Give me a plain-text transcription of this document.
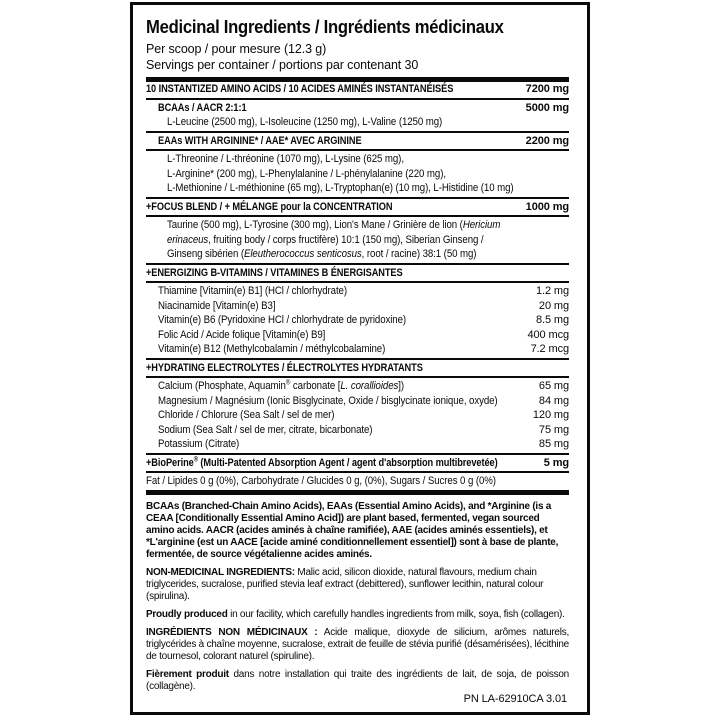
Medicinal Ingredients / Ingrédients médicinaux
Per scoop / pour mesure (12.3 g)
Servings per container / portions par contenant 30
10 INSTANTIZED AMINO ACIDS / 10 ACIDES AMINÉS INSTANTANÉISÉS	7200 mg
BCAAs / AACR 2:1:1	5000 mg
L-Leucine (2500 mg), L-Isoleucine (1250 mg), L-Valine (1250 mg)
EAAs WITH ARGININE* / AAE* AVEC ARGININE	2200 mg
L-Threonine / L-thréonine (1070 mg), L-Lysine (625 mg),
L-Arginine* (200 mg), L-Phenylalanine / L-phénylalanine (220 mg),
L-Methionine / L-méthionine (65 mg), L-Tryptophan(e) (10 mg), L-Histidine (10 mg)
+FOCUS BLEND / + MÉLANGE pour la CONCENTRATION	1000 mg
Taurine (500 mg), L-Tyrosine (300 mg), Lion's Mane / Grinière de lion (Hericium
erinaceus, fruiting body / corps fructifère) 10:1 (150 mg), Siberian Ginseng /
Ginseng sibérien (Eleutherococcus senticosus, root / racine) 38:1 (50 mg)
+ENERGIZING B-VITAMINS / VITAMINES B ÉNERGISANTES
Thiamine [Vitamin(e) B1] (HCl / chlorhydrate)	1.2 mg
Niacinamide [Vitamin(e) B3]	20 mg
Vitamin(e) B6 (Pyridoxine HCl / chlorhydrate de pyridoxine)	8.5 mg
Folic Acid / Acide folique [Vitamin(e) B9]	400 mcg
Vitamin(e) B12 (Methylcobalamin / méthylcobalamine)	7.2 mcg
+HYDRATING ELECTROLYTES / ÉLECTROLYTES HYDRATANTS
Calcium (Phosphate, Aquamin® carbonate [L. corallioides])	65 mg
Magnesium / Magnésium (Ionic Bisglycinate, Oxide / bisglycinate ionique, oxyde)	84 mg
Chloride / Chlorure (Sea Salt / sel de mer)	120 mg
Sodium (Sea Salt / sel de mer, citrate, bicarbonate)	75 mg
Potassium (Citrate)	85 mg
+BioPerine® (Multi-Patented Absorption Agent / agent d'absorption multibrevetée)	5 mg
Fat / Lipides 0 g (0%), Carbohydrate / Glucides 0 g, (0%), Sugars / Sucres 0 g (0%)

BCAAs (Branched-Chain Amino Acids), EAAs (Essential Amino Acids), and *Arginine (is a CEAA [Conditionally Essential Amino Acid]) are plant based, fermented, vegan sourced amino acids. AACR (acides aminés à chaîne ramifiée), AAE (acides aminés essentiels), et *L'arginine (est un AACE [acide aminé conditionnellement essentiel]) sont à base de plante, fermentée, de source végétalienne acides aminés.

NON-MEDICINAL INGREDIENTS: Malic acid, silicon dioxide, natural flavours, medium chain triglycerides, sucralose, purified stevia leaf extract (debittered), sunflower lecithin, natural colour (spirulina).

Proudly produced in our facility, which carefully handles ingredients from milk, soya, fish (collagen).

INGRÉDIENTS NON MÉDICINAUX : Acide malique, dioxyde de silicium, arômes naturels, triglycérides à chaîne moyenne, sucralose, extrait de feuille de stévia purifié (désamérisées), lécithine de tournesol, colorant naturel (spiruline).

Fièrement produit dans notre installation qui traite des ingrédients de lait, de soja, de poisson (collagène).

PN LA-62910CA 3.01
